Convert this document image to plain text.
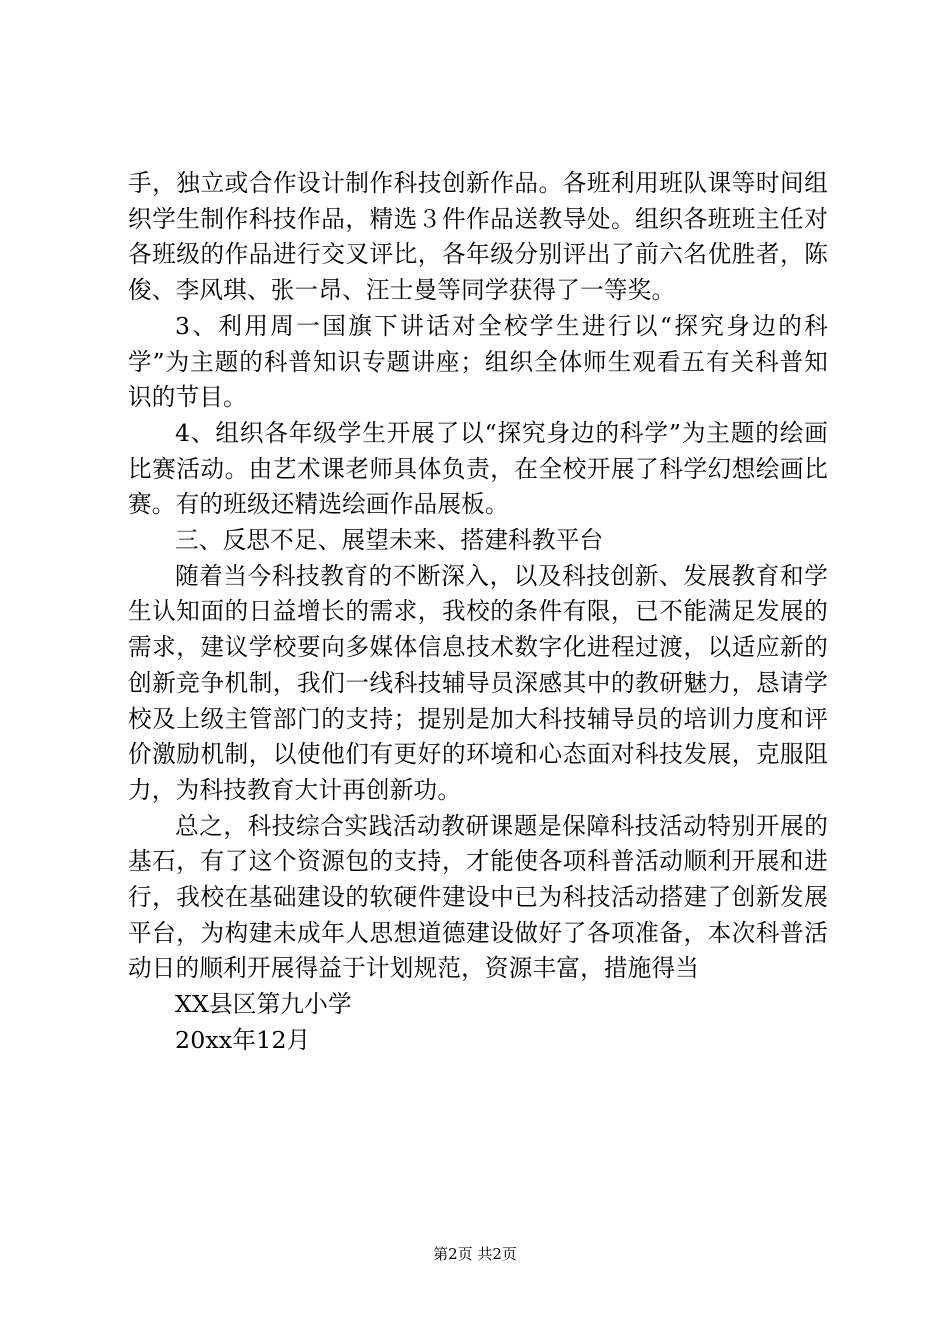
手，独立或合作设计制作科技创新作品。各班利用班队课等时间组织学生制作科技作品，精选３件作品送教导处。组织各班班主任对各班级的作品进行交叉评比，各年级分别评出了前六名优胜者，陈俊、李风琪、张一昂、汪士曼等同学获得了一等奖。

3、利用周一国旗下讲话对全校学生进行以“探究身边的科学”为主题的科普知识专题讲座；组织全体师生观看五有关科普知识的节目。

4、组织各年级学生开展了以“探究身边的科学”为主题的绘画比赛活动。由艺术课老师具体负责，在全校开展了科学幻想绘画比赛。有的班级还精选绘画作品展板。

三、反思不足、展望未来、搭建科教平台

随着当今科技教育的不断深入，以及科技创新、发展教育和学生认知面的日益增长的需求，我校的条件有限，已不能满足发展的需求，建议学校要向多媒体信息技术数字化进程过渡，以适应新的创新竞争机制，我们一线科技辅导员深感其中的教研魅力，恳请学校及上级主管部门的支持；提别是加大科技辅导员的培训力度和评价激励机制，以使他们有更好的环境和心态面对科技发展，克服阻力，为科技教育大计再创新功。

总之，科技综合实践活动教研课题是保障科技活动特别开展的基石，有了这个资源包的支持，才能使各项科普活动顺利开展和进行，我校在基础建设的软硬件建设中已为科技活动搭建了创新发展平台，为构建未成年人思想道德建设做好了各项准备，本次科普活动日的顺利开展得益于计划规范，资源丰富，措施得当

XX县区第九小学

20xx年12月

第2页 共2页
